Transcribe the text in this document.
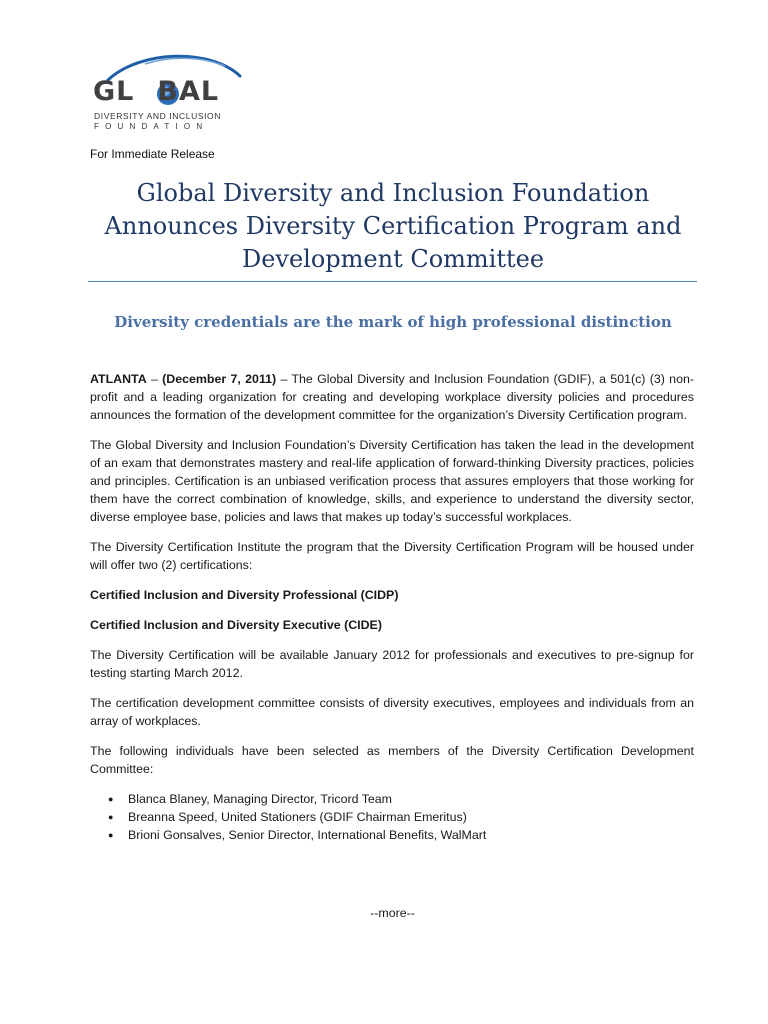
GL BAL
DIVERSITY AND INCLUSION
FOUNDATION
For Immediate Release
Global Diversity and Inclusion Foundation Announces Diversity Certification Program and Development Committee
Diversity credentials are the mark of high professional distinction

ATLANTA – (December 7, 2011) – The Global Diversity and Inclusion Foundation (GDIF), a 501(c) (3) non-profit and a leading organization for creating and developing workplace diversity policies and procedures announces the formation of the development committee for the organization’s Diversity Certification program.

The Global Diversity and Inclusion Foundation’s Diversity Certification has taken the lead in the development of an exam that demonstrates mastery and real-life application of forward-thinking Diversity practices, policies and principles. Certification is an unbiased verification process that assures employers that those working for them have the correct combination of knowledge, skills, and experience to understand the diversity sector, diverse employee base, policies and laws that makes up today’s successful workplaces.

The Diversity Certification Institute the program that the Diversity Certification Program will be housed under will offer two (2) certifications:

Certified Inclusion and Diversity Professional (CIDP)

Certified Inclusion and Diversity Executive (CIDE)

The Diversity Certification will be available January 2012 for professionals and executives to pre-signup for testing starting March 2012.

The certification development committee consists of diversity executives, employees and individuals from an array of workplaces.

The following individuals have been selected as members of the Diversity Certification Development Committee:

● Blanca Blaney, Managing Director, Tricord Team
● Breanna Speed, United Stationers (GDIF Chairman Emeritus)
● Brioni Gonsalves, Senior Director, International Benefits, WalMart
--more--
